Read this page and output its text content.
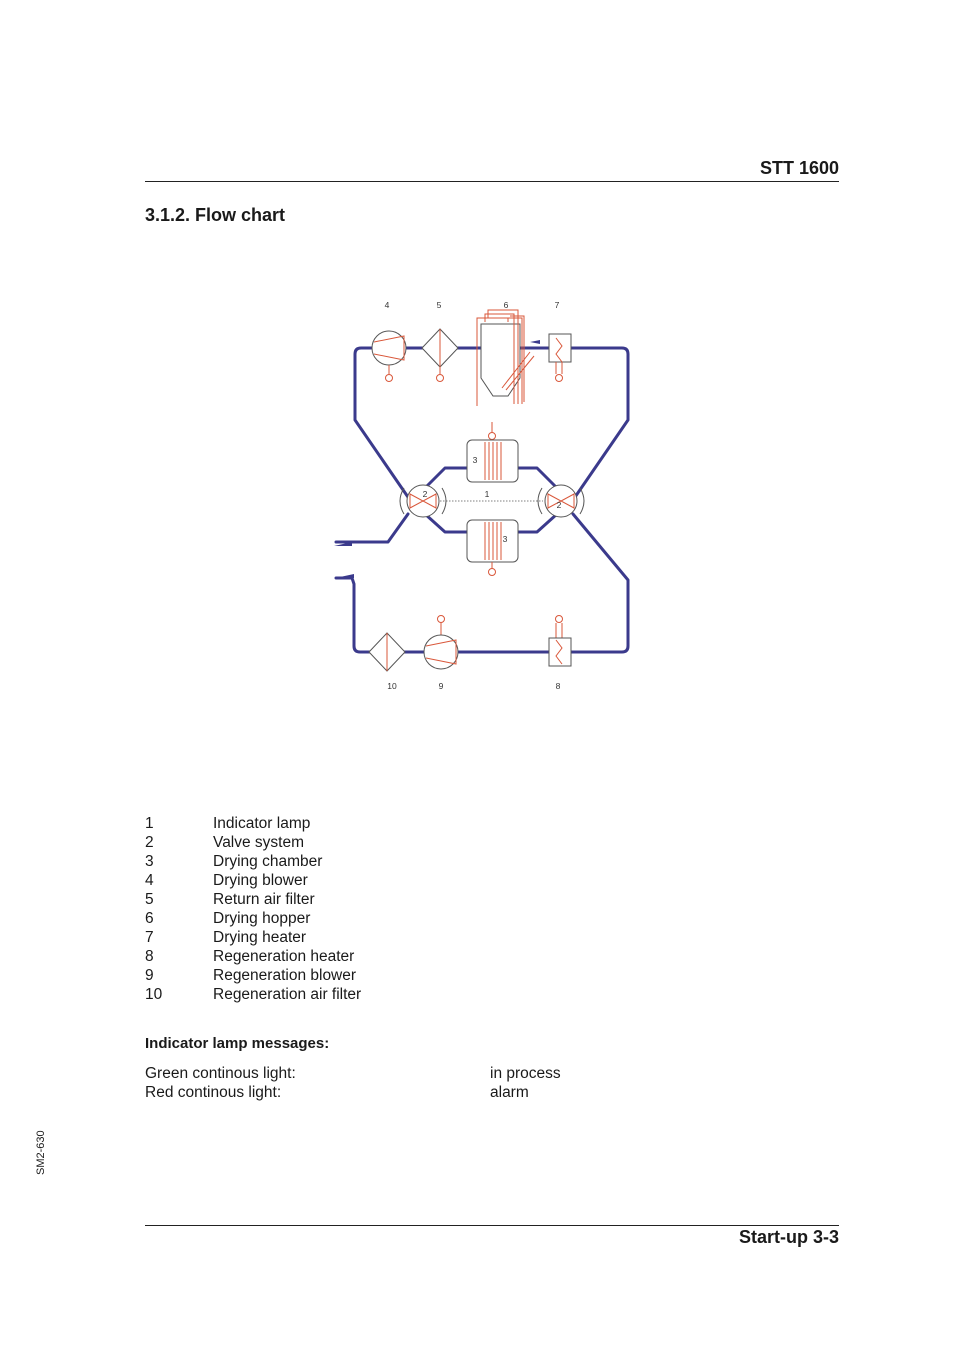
STT 1600
3.1.2. Flow chart
4	5	6	7
3
2	1
2
3
10	9	8
1	Indicator lamp
2	Valve system
3	Drying chamber
4	Drying blower
5	Return air filter
6	Drying hopper
7	Drying heater
8	Regeneration heater
9	Regeneration blower
10	Regeneration air filter
Indicator lamp messages:
Green continous light:	in process
Red continous light:	alarm
SM2-630
Start-up 3-3
